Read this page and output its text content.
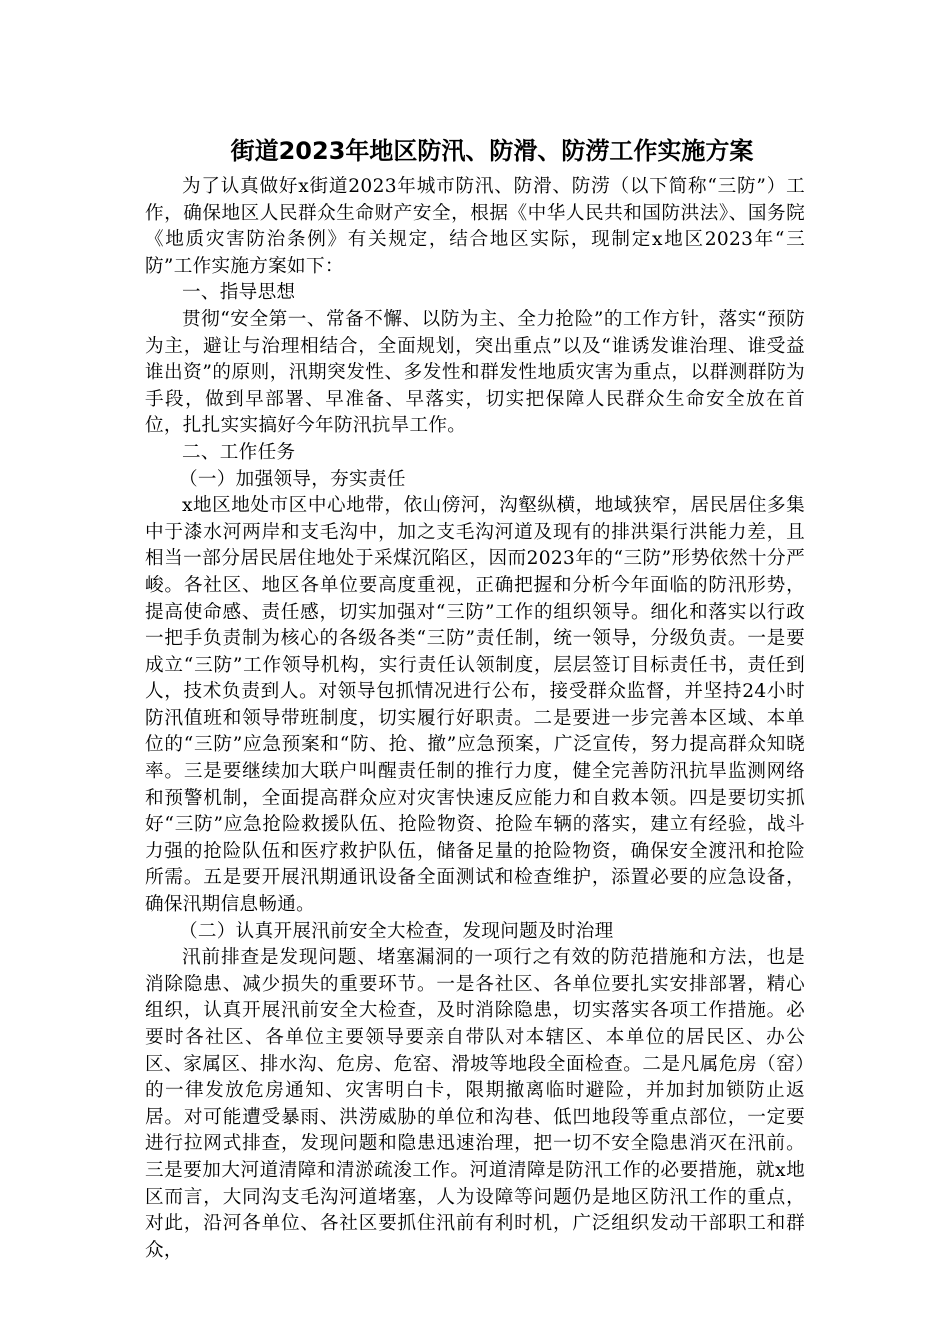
街道2023年地区防汛、防滑、防涝工作实施方案

为了认真做好x街道2023年城市防汛、防滑、防涝（以下简称“三防”）工作，确保地区人民群众生命财产安全，根据《中华人民共和国防洪法》、国务院《地质灾害防治条例》有关规定，结合地区实际，现制定x地区2023年“三防”工作实施方案如下：

一、指导思想

贯彻“安全第一、常备不懈、以防为主、全力抢险”的工作方针，落实“预防为主，避让与治理相结合，全面规划，突出重点”以及“谁诱发谁治理、谁受益谁出资”的原则，汛期突发性、多发性和群发性地质灾害为重点，以群测群防为手段，做到早部署、早准备、早落实，切实把保障人民群众生命安全放在首位，扎扎实实搞好今年防汛抗旱工作。

二、工作任务

（一）加强领导，夯实责任

x地区地处市区中心地带，依山傍河，沟壑纵横，地域狭窄，居民居住多集中于漆水河两岸和支毛沟中，加之支毛沟河道及现有的排洪渠行洪能力差，且相当一部分居民居住地处于采煤沉陷区，因而2023年的“三防”形势依然十分严峻。各社区、地区各单位要高度重视，正确把握和分析今年面临的防汛形势，提高使命感、责任感，切实加强对“三防”工作的组织领导。细化和落实以行政一把手负责制为核心的各级各类“三防”责任制，统一领导，分级负责。一是要成立“三防”工作领导机构，实行责任认领制度，层层签订目标责任书，责任到人，技术负责到人。对领导包抓情况进行公布，接受群众监督，并坚持24小时防汛值班和领导带班制度，切实履行好职责。二是要进一步完善本区域、本单位的“三防”应急预案和“防、抢、撤”应急预案，广泛宣传，努力提高群众知晓率。三是要继续加大联户叫醒责任制的推行力度，健全完善防汛抗旱监测网络和预警机制，全面提高群众应对灾害快速反应能力和自救本领。四是要切实抓好“三防”应急抢险救援队伍、抢险物资、抢险车辆的落实，建立有经验，战斗力强的抢险队伍和医疗救护队伍，储备足量的抢险物资，确保安全渡汛和抢险所需。五是要开展汛期通讯设备全面测试和检查维护，添置必要的应急设备，确保汛期信息畅通。

（二）认真开展汛前安全大检查，发现问题及时治理

汛前排查是发现问题、堵塞漏洞的一项行之有效的防范措施和方法，也是消除隐患、减少损失的重要环节。一是各社区、各单位要扎实安排部署，精心组织，认真开展汛前安全大检查，及时消除隐患，切实落实各项工作措施。必要时各社区、各单位主要领导要亲自带队对本辖区、本单位的居民区、办公区、家属区、排水沟、危房、危窑、滑坡等地段全面检查。二是凡属危房（窑）的一律发放危房通知、灾害明白卡，限期撤离临时避险，并加封加锁防止返居。对可能遭受暴雨、洪涝威胁的单位和沟巷、低凹地段等重点部位，一定要进行拉网式排查，发现问题和隐患迅速治理，把一切不安全隐患消灭在汛前。三是要加大河道清障和清淤疏浚工作。河道清障是防汛工作的必要措施，就x地区而言，大同沟支毛沟河道堵塞，人为设障等问题仍是地区防汛工作的重点，对此，沿河各单位、各社区要抓住汛前有利时机，广泛组织发动干部职工和群众，
